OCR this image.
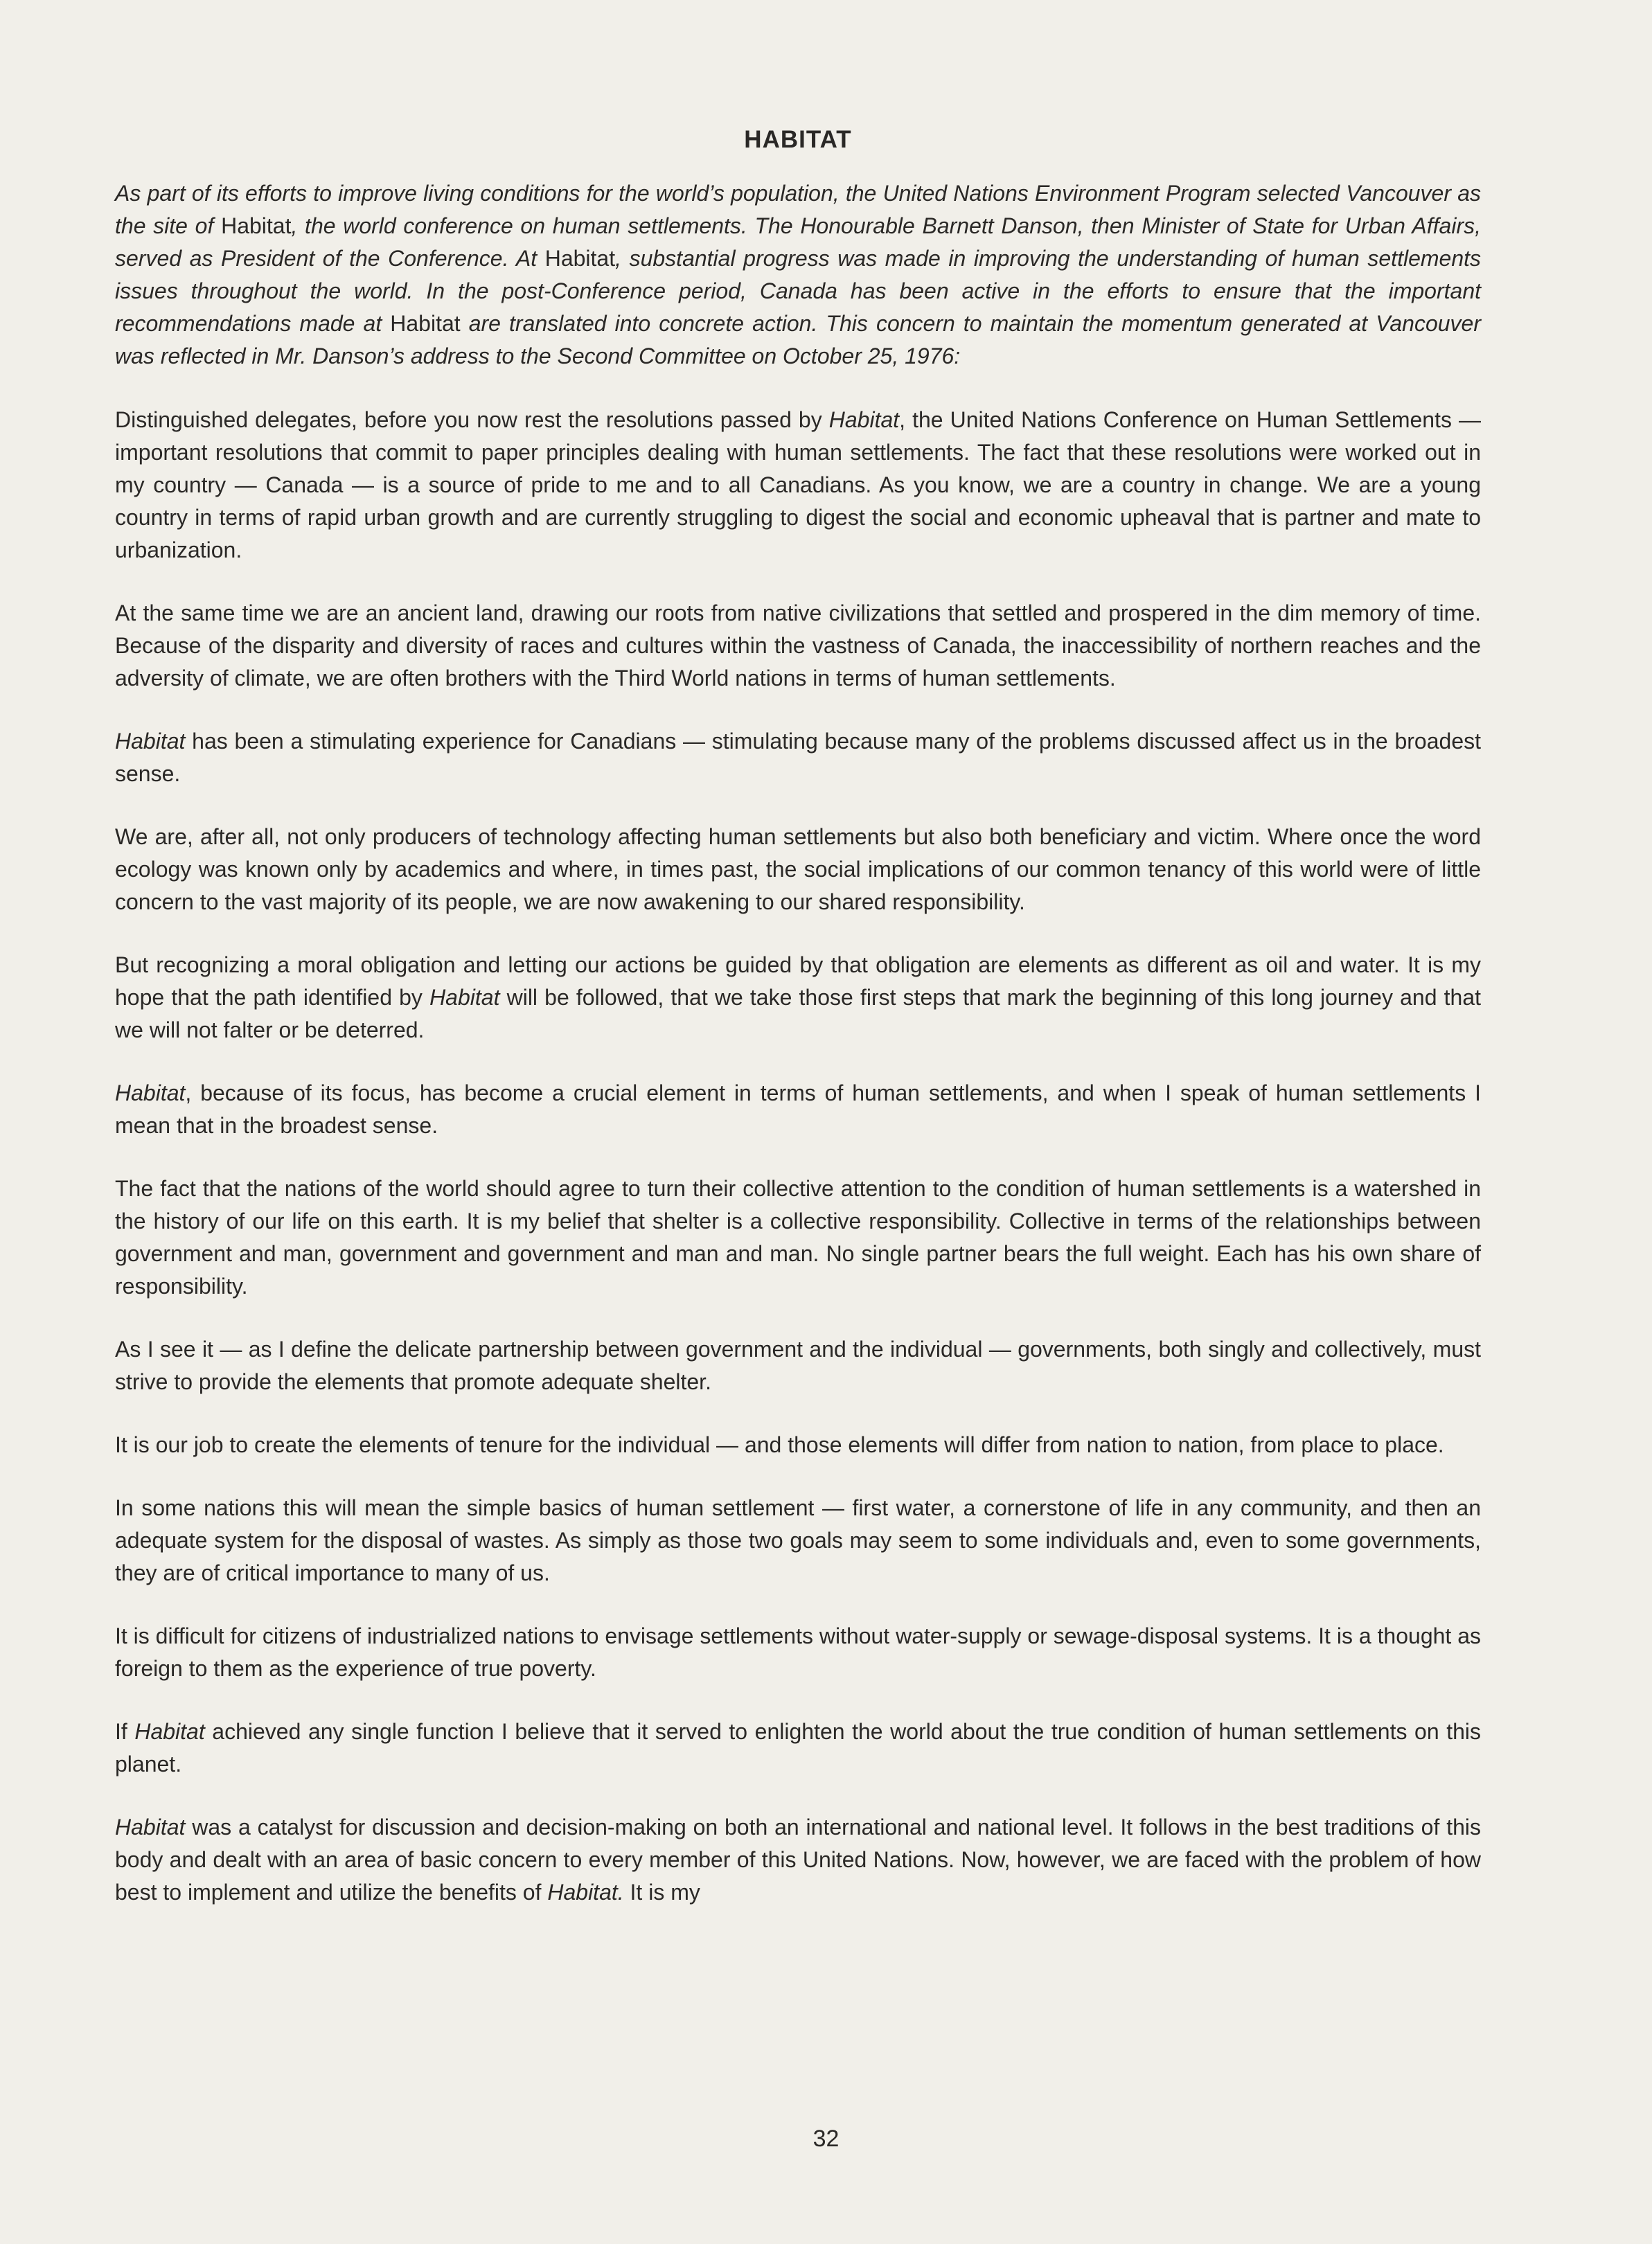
HABITAT

As part of its efforts to improve living conditions for the world’s population, the United Nations Environment Program selected Vancouver as the site of Habitat, the world conference on human settlements. The Honourable Barnett Danson, then Minister of State for Urban Affairs, served as President of the Conference. At Habitat, substantial progress was made in improving the understanding of human settlements issues throughout the world. In the post-Conference period, Canada has been active in the efforts to ensure that the important recommendations made at Habitat are translated into concrete action. This concern to maintain the momentum generated at Vancouver was reflected in Mr. Danson’s address to the Second Committee on October 25, 1976:

Distinguished delegates, before you now rest the resolutions passed by Habitat, the United Nations Conference on Human Settlements — important resolutions that commit to paper principles dealing with human settlements. The fact that these resolutions were worked out in my country — Canada — is a source of pride to me and to all Canadians. As you know, we are a country in change. We are a young country in terms of rapid urban growth and are currently struggling to digest the social and economic upheaval that is partner and mate to urbanization.

At the same time we are an ancient land, drawing our roots from native civilizations that settled and prospered in the dim memory of time. Because of the disparity and diversity of races and cultures within the vastness of Canada, the inaccessibility of northern reaches and the adversity of climate, we are often brothers with the Third World nations in terms of human settlements.

Habitat has been a stimulating experience for Canadians — stimulating because many of the problems discussed affect us in the broadest sense.

We are, after all, not only producers of technology affecting human settlements but also both beneficiary and victim. Where once the word ecology was known only by academics and where, in times past, the social implications of our common tenancy of this world were of little concern to the vast majority of its people, we are now awakening to our shared responsibility.

But recognizing a moral obligation and letting our actions be guided by that obligation are elements as different as oil and water. It is my hope that the path identified by Habitat will be followed, that we take those first steps that mark the beginning of this long journey and that we will not falter or be deterred.

Habitat, because of its focus, has become a crucial element in terms of human settlements, and when I speak of human settlements I mean that in the broadest sense.

The fact that the nations of the world should agree to turn their collective attention to the condition of human settlements is a watershed in the history of our life on this earth. It is my belief that shelter is a collective responsibility. Collective in terms of the relationships between government and man, government and government and man and man. No single partner bears the full weight. Each has his own share of responsibility.

As I see it — as I define the delicate partnership between government and the individual — governments, both singly and collectively, must strive to provide the elements that promote adequate shelter.

It is our job to create the elements of tenure for the individual — and those elements will differ from nation to nation, from place to place.

In some nations this will mean the simple basics of human settlement — first water, a cornerstone of life in any community, and then an adequate system for the disposal of wastes. As simply as those two goals may seem to some individuals and, even to some governments, they are of critical importance to many of us.

It is difficult for citizens of industrialized nations to envisage settlements without water-supply or sewage-disposal systems. It is a thought as foreign to them as the experience of true poverty.

If Habitat achieved any single function I believe that it served to enlighten the world about the true condition of human settlements on this planet.

Habitat was a catalyst for discussion and decision-making on both an international and national level. It follows in the best traditions of this body and dealt with an area of basic concern to every member of this United Nations. Now, however, we are faced with the problem of how best to implement and utilize the benefits of Habitat. It is my

32
